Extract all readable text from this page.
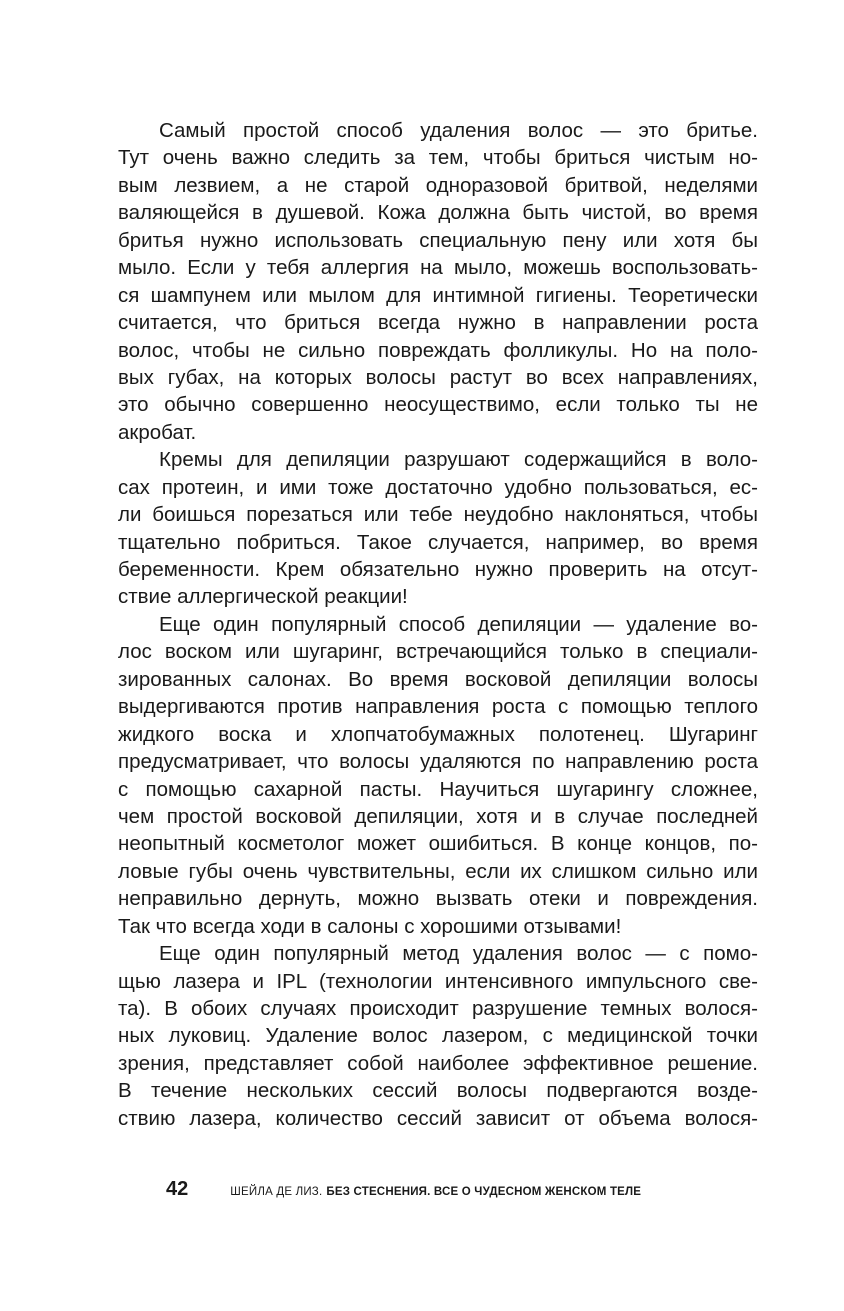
Самый простой способ удаления волос — это бритье.
Тут очень важно следить за тем, чтобы бриться чистым но-
вым лезвием, а не старой одноразовой бритвой, неделями
валяющейся в душевой. Кожа должна быть чистой, во время
бритья нужно использовать специальную пену или хотя бы
мыло. Если у тебя аллергия на мыло, можешь воспользовать-
ся шампунем или мылом для интимной гигиены. Теоретически
считается, что бриться всегда нужно в направлении роста
волос, чтобы не сильно повреждать фолликулы. Но на поло-
вых губах, на которых волосы растут во всех направлениях,
это обычно совершенно неосуществимо, если только ты не
акробат.
Кремы для депиляции разрушают содержащийся в воло-
сах протеин, и ими тоже достаточно удобно пользоваться, ес-
ли боишься порезаться или тебе неудобно наклоняться, чтобы
тщательно побриться. Такое случается, например, во время
беременности. Крем обязательно нужно проверить на отсут-
ствие аллергической реакции!
Еще один популярный способ депиляции — удаление во-
лос воском или шугаринг, встречающийся только в специали-
зированных салонах. Во время восковой депиляции волосы
выдергиваются против направления роста с помощью теплого
жидкого воска и хлопчатобумажных полотенец. Шугаринг
предусматривает, что волосы удаляются по направлению роста
с помощью сахарной пасты. Научиться шугарингу сложнее,
чем простой восковой депиляции, хотя и в случае последней
неопытный косметолог может ошибиться. В конце концов, по-
ловые губы очень чувствительны, если их слишком сильно или
неправильно дернуть, можно вызвать отеки и повреждения.
Так что всегда ходи в салоны с хорошими отзывами!
Еще один популярный метод удаления волос — с помо-
щью лазера и IPL (технологии интенсивного импульсного све-
та). В обоих случаях происходит разрушение темных волося-
ных луковиц. Удаление волос лазером, с медицинской точки
зрения, представляет собой наиболее эффективное решение.
В течение нескольких сессий волосы подвергаются возде-
ствию лазера, количество сессий зависит от объема волося-
42	ШЕЙЛА ДЕ ЛИЗ. БЕЗ СТЕСНЕНИЯ. ВСЕ О ЧУДЕСНОМ ЖЕНСКОМ ТЕЛЕ
